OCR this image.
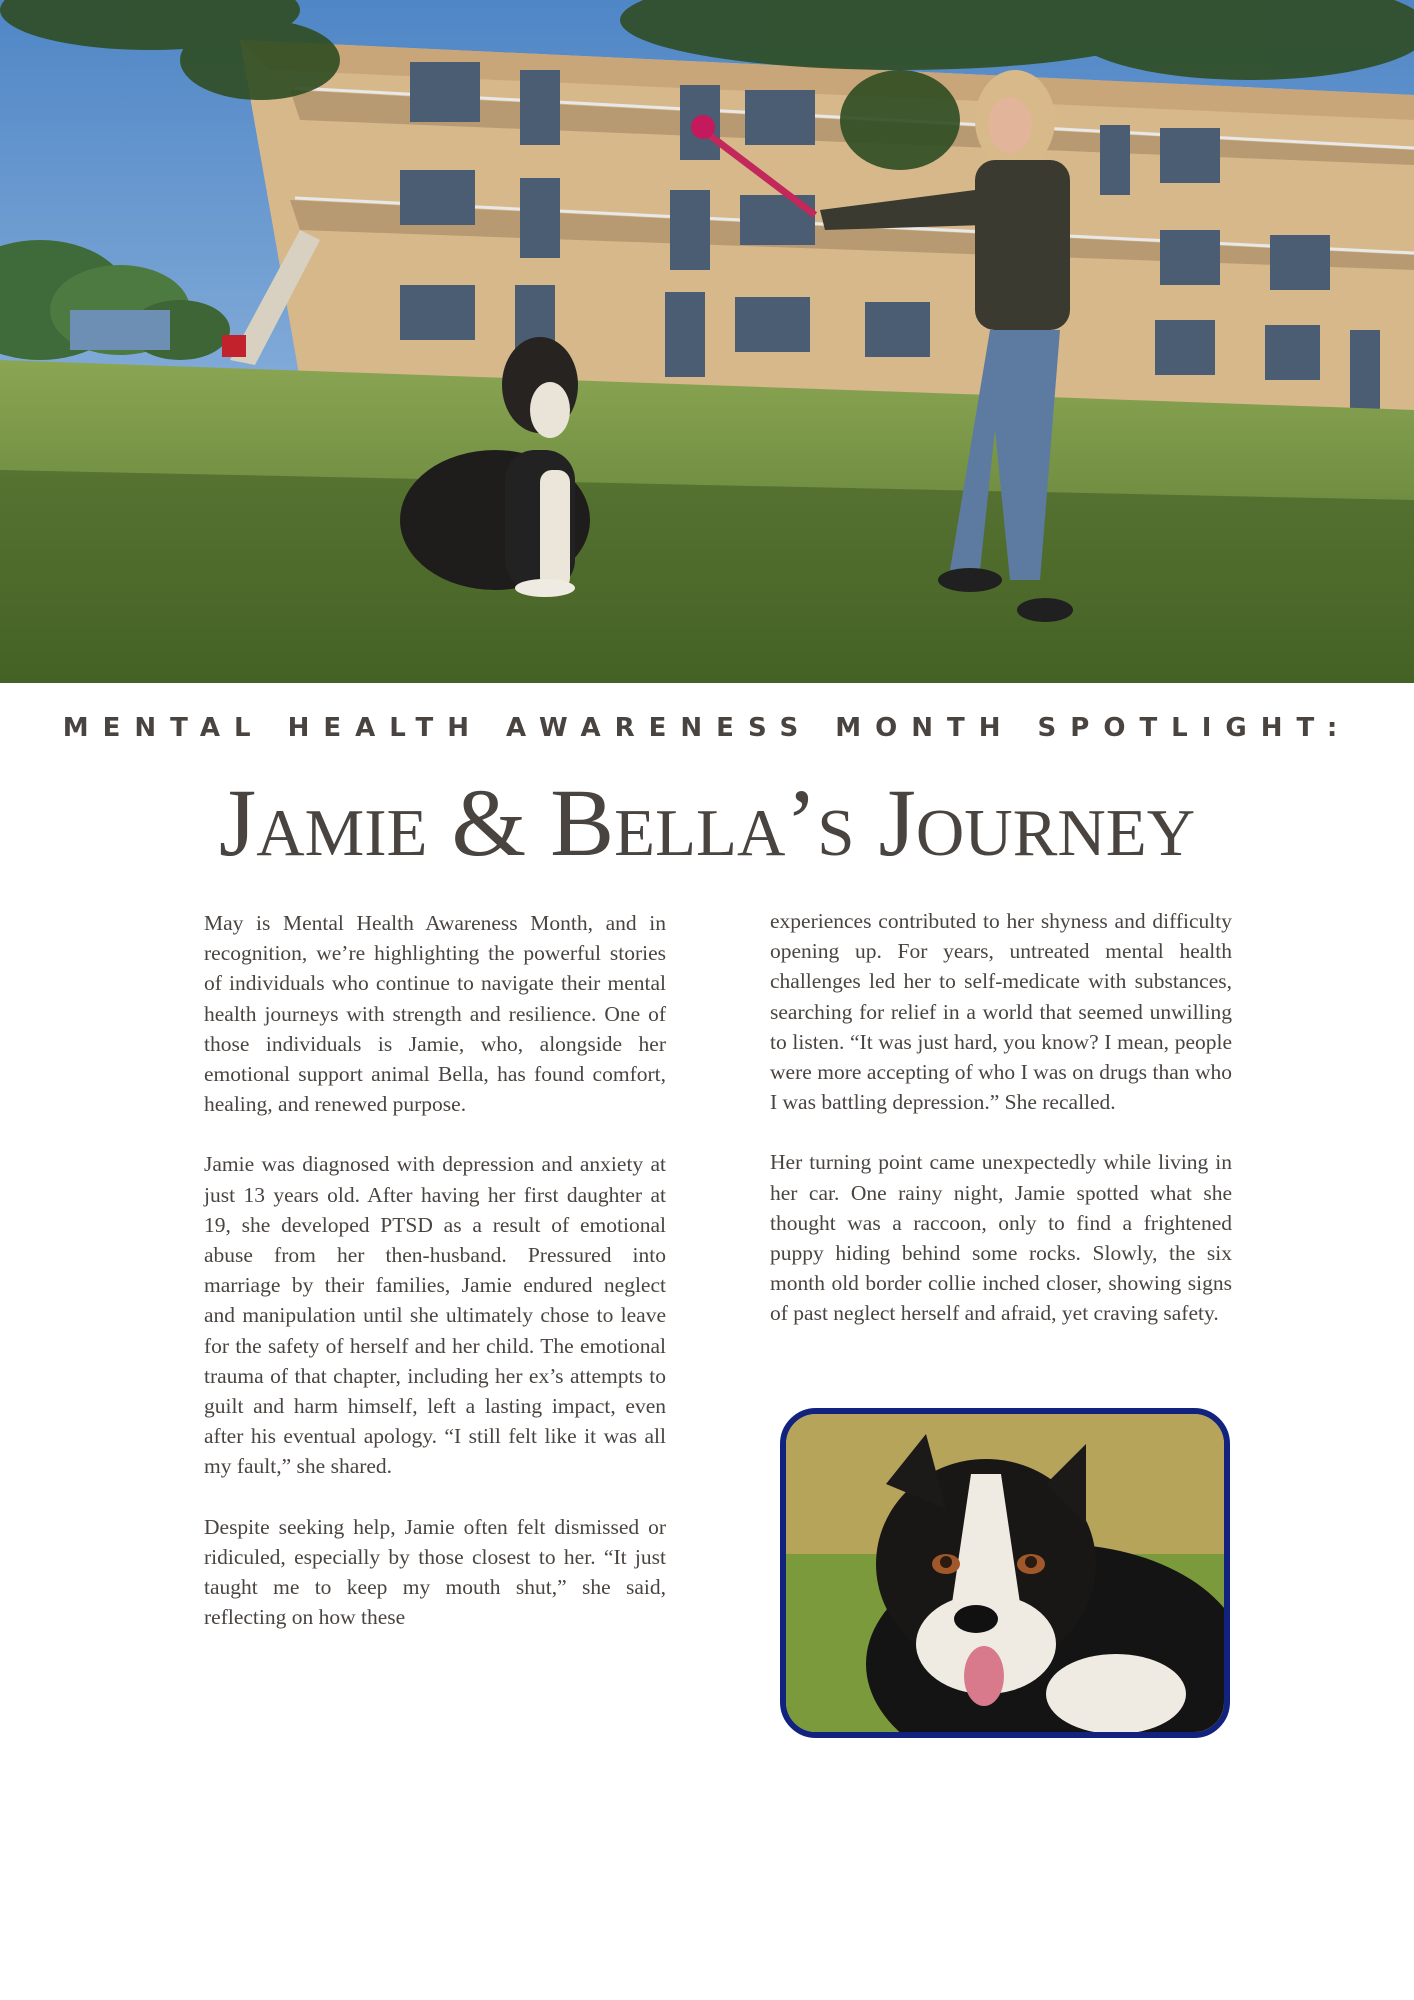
MENTAL HEALTH AWARENESS MONTH SPOTLIGHT:
Jamie & Bella’s Journey

May is Mental Health Awareness Month, and in recognition, we’re highlighting the powerful stories of individuals who continue to navigate their mental health journeys with strength and resilience. One of those individuals is Jamie, who, alongside her emotional support animal Bella, has found comfort, healing, and renewed purpose.

Jamie was diagnosed with depression and anxiety at just 13 years old. After having her first daughter at 19, she developed PTSD as a result of emotional abuse from her then-husband. Pressured into marriage by their families, Jamie endured neglect and manipulation until she ultimately chose to leave for the safety of herself and her child. The emotional trauma of that chapter, including her ex’s attempts to guilt and harm himself, left a lasting impact, even after his eventual apology. “I still felt like it was all my fault,” she shared.

Despite seeking help, Jamie often felt dismissed or ridiculed, especially by those closest to her. “It just taught me to keep my mouth shut,” she said, reflecting on how these

experiences contributed to her shyness and difficulty opening up. For years, untreated mental health challenges led her to self-medicate with substances, searching for relief in a world that seemed unwilling to listen. “It was just hard, you know? I mean, people were more accepting of who I was on drugs than who I was battling depression.” She recalled.

Her turning point came unexpectedly while living in her car. One rainy night, Jamie spotted what she thought was a raccoon, only to find a frightened puppy hiding behind some rocks. Slowly, the six month old border collie inched closer, showing signs of past neglect herself and afraid, yet craving safety.
